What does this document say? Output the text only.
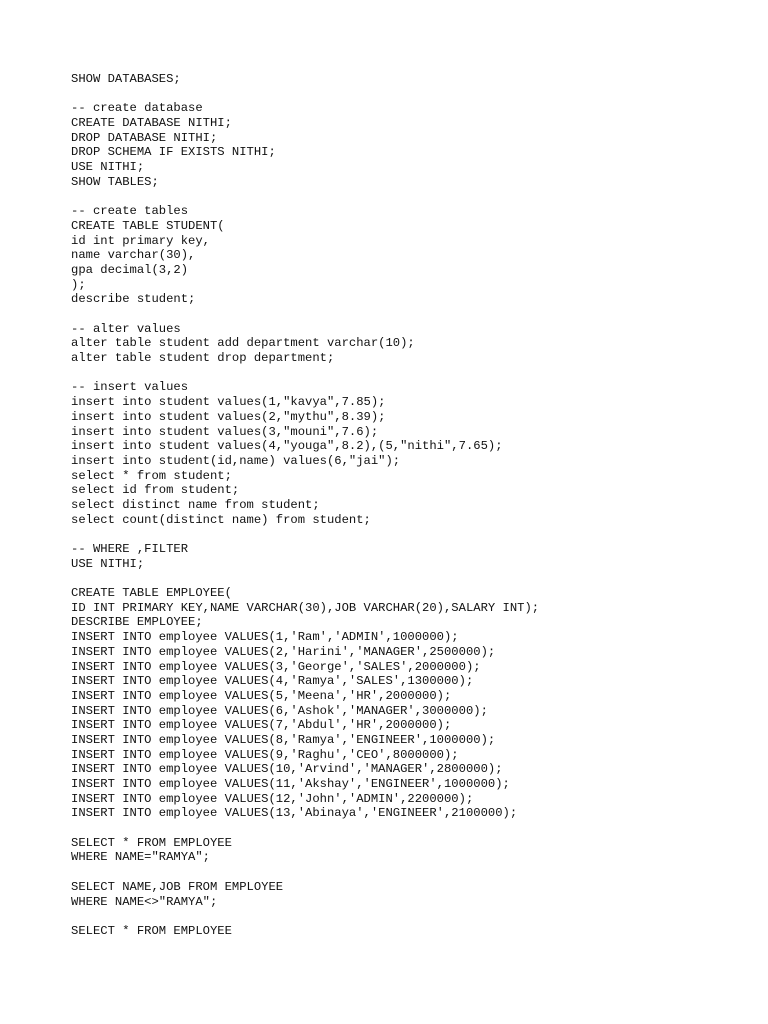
SHOW DATABASES;
-- create database
CREATE DATABASE NITHI;
DROP DATABASE NITHI;
DROP SCHEMA IF EXISTS NITHI;
USE NITHI;
SHOW TABLES;
-- create tables
CREATE TABLE STUDENT(
id int primary key,
name varchar(30),
gpa decimal(3,2)
);
describe student;
-- alter values
alter table student add department varchar(10);
alter table student drop department;
-- insert values
insert into student values(1,"kavya",7.85);
insert into student values(2,"mythu",8.39);
insert into student values(3,"mouni",7.6);
insert into student values(4,"youga",8.2),(5,"nithi",7.65);
insert into student(id,name) values(6,"jai");
select * from student;
select id from student;
select distinct name from student;
select count(distinct name) from student;
-- WHERE ,FILTER
USE NITHI;
CREATE TABLE EMPLOYEE(
ID INT PRIMARY KEY,NAME VARCHAR(30),JOB VARCHAR(20),SALARY INT);
DESCRIBE EMPLOYEE;
INSERT INTO employee VALUES(1,'Ram','ADMIN',1000000);
INSERT INTO employee VALUES(2,'Harini','MANAGER',2500000);
INSERT INTO employee VALUES(3,'George','SALES',2000000);
INSERT INTO employee VALUES(4,'Ramya','SALES',1300000);
INSERT INTO employee VALUES(5,'Meena','HR',2000000);
INSERT INTO employee VALUES(6,'Ashok','MANAGER',3000000);
INSERT INTO employee VALUES(7,'Abdul','HR',2000000);
INSERT INTO employee VALUES(8,'Ramya','ENGINEER',1000000);
INSERT INTO employee VALUES(9,'Raghu','CEO',8000000);
INSERT INTO employee VALUES(10,'Arvind','MANAGER',2800000);
INSERT INTO employee VALUES(11,'Akshay','ENGINEER',1000000);
INSERT INTO employee VALUES(12,'John','ADMIN',2200000);
INSERT INTO employee VALUES(13,'Abinaya','ENGINEER',2100000);
SELECT * FROM EMPLOYEE
WHERE NAME="RAMYA";
SELECT NAME,JOB FROM EMPLOYEE
WHERE NAME<>"RAMYA";
SELECT * FROM EMPLOYEE
